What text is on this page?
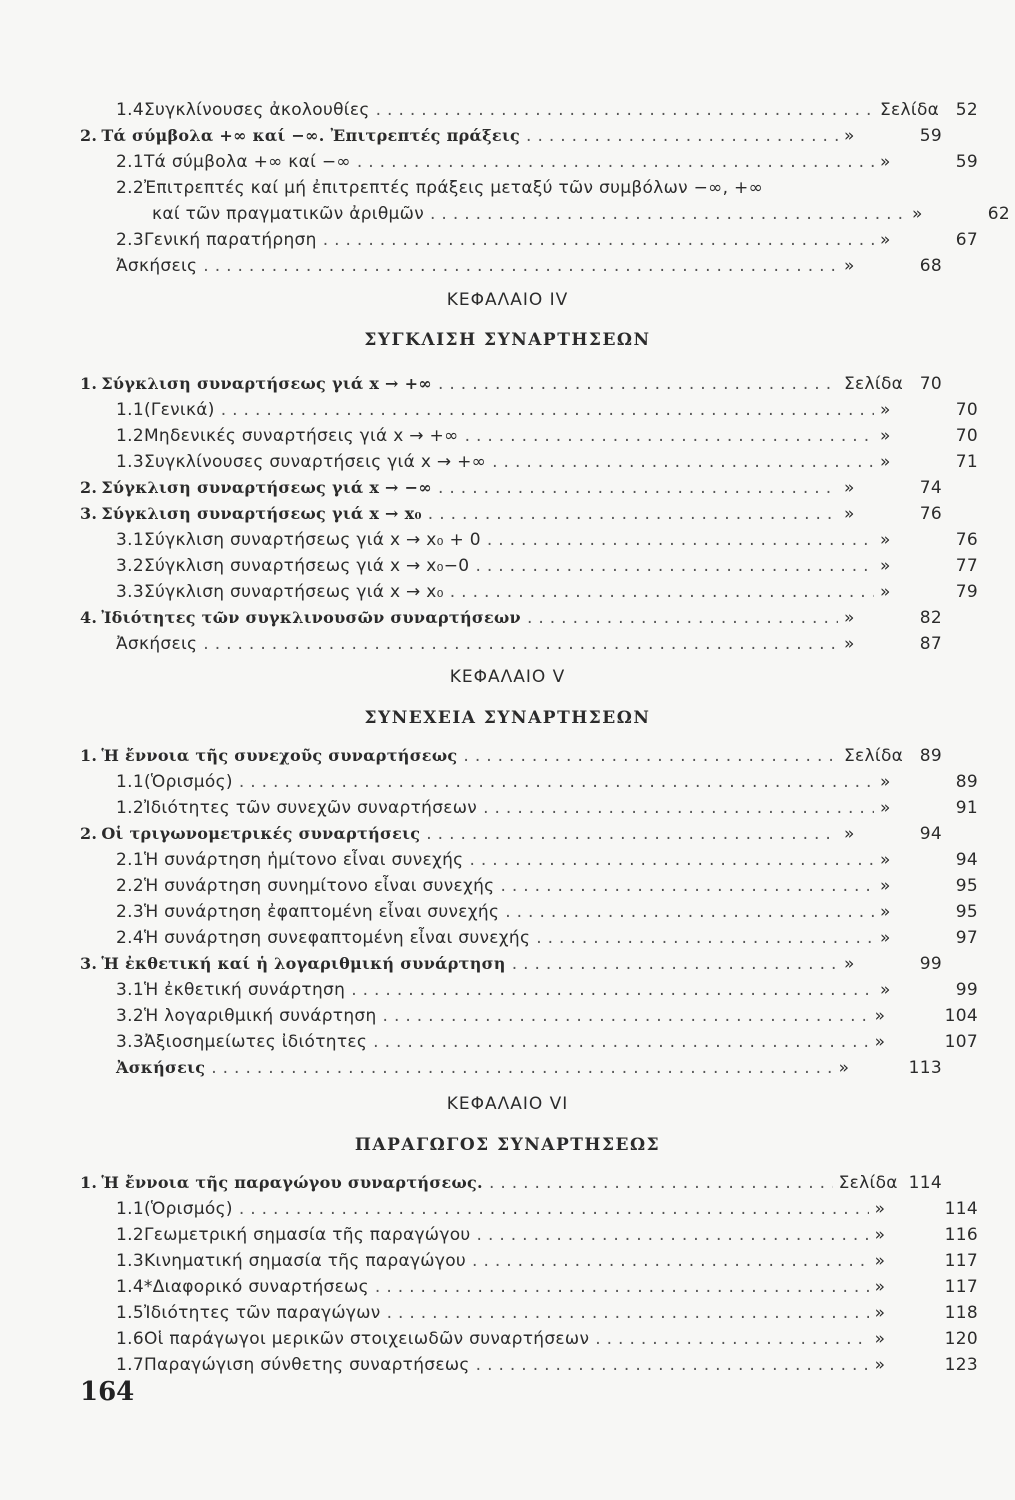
1.4 Συγκλίνουσες ἀκολουθίες .....	Σελίδα 52
2. Τά σύμβολα +∞ καί −∞. Ἐπιτρεπτές πράξεις .....	»	59
2.1 Τά σύμβολα +∞ καί −∞ .....	»	59
2.2 Ἐπιτρεπτές καί μή ἐπιτρεπτές πράξεις μεταξύ τῶν συμβόλων −∞, +∞
καί τῶν πραγματικῶν ἀριθμῶν .....	»	62
2.3 Γενική παρατήρηση .....	»	67
Ἀσκήσεις .....	»	68
ΚΕΦΑΛΑΙΟ IV
ΣΥΓΚΛΙΣΗ ΣΥΝΑΡΤΗΣΕΩΝ
1. Σύγκλιση συναρτήσεως γιά x → +∞ .....	Σελίδα 70
1.1 (Γενικά) .....	»	70
1.2 Μηδενικές συναρτήσεις γιά x → +∞ .....	»	70
1.3 Συγκλίνουσες συναρτήσεις γιά x → +∞ .....	»	71
2. Σύγκλιση συναρτήσεως γιά x → −∞ .....	»	74
3. Σύγκλιση συναρτήσεως γιά x → x₀ .....	»	76
3.1 Σύγκλιση συναρτήσεως γιά x → x₀ + 0 .....	»	76
3.2 Σύγκλιση συναρτήσεως γιά x → x₀−0 .....	»	77
3.3 Σύγκλιση συναρτήσεως γιά x → x₀ .....	»	79
4. Ἰδιότητες τῶν συγκλινουσῶν συναρτήσεων .....	»	82
Ἀσκήσεις .....	»	87
ΚΕΦΑΛΑΙΟ V
ΣΥΝΕΧΕΙΑ ΣΥΝΑΡΤΗΣΕΩΝ
1. Ἡ ἔννοια τῆς συνεχοῦς συναρτήσεως .....	Σελίδα 89
1.1 (Ὁρισμός) .....	»	89
1.2 Ἰδιότητες τῶν συνεχῶν συναρτήσεων .....	»	91
2. Οἱ τριγωνομετρικές συναρτήσεις .....	»	94
2.1 Ἡ συνάρτηση ἡμίτονο εἶναι συνεχής .....	»	94
2.2 Ἡ συνάρτηση συνημίτονο εἶναι συνεχής .....	»	95
2.3 Ἡ συνάρτηση ἐφαπτομένη εἶναι συνεχής .....	»	95
2.4 Ἡ συνάρτηση συνεφαπτομένη εἶναι συνεχής .....	»	97
3. Ἡ ἐκθετική καί ἡ λογαριθμική συνάρτηση .....	»	99
3.1 Ἡ ἐκθετική συνάρτηση .....	»	99
3.2 Ἡ λογαριθμική συνάρτηση .....	»	104
3.3 Ἀξιοσημείωτες ἰδιότητες .....	»	107
Ἀσκήσεις .....	»	113
ΚΕΦΑΛΑΙΟ VI
ΠΑΡΑΓΩΓΟΣ ΣΥΝΑΡΤΗΣΕΩΣ
1. Ἡ ἔννοια τῆς παραγώγου συναρτήσεως. .....	Σελίδα 114
1.1 (Ὁρισμός) .....	»	114
1.2 Γεωμετρική σημασία τῆς παραγώγου .....	»	116
1.3 Κινηματική σημασία τῆς παραγώγου .....	»	117
1.4* Διαφορικό συναρτήσεως .....	»	117
1.5 Ἰδιότητες τῶν παραγώγων .....	»	118
1.6 Οἱ παράγωγοι μερικῶν στοιχειωδῶν συναρτήσεων .....	»	120
1.7 Παραγώγιση σύνθετης συναρτήσεως .....	»	123
164
